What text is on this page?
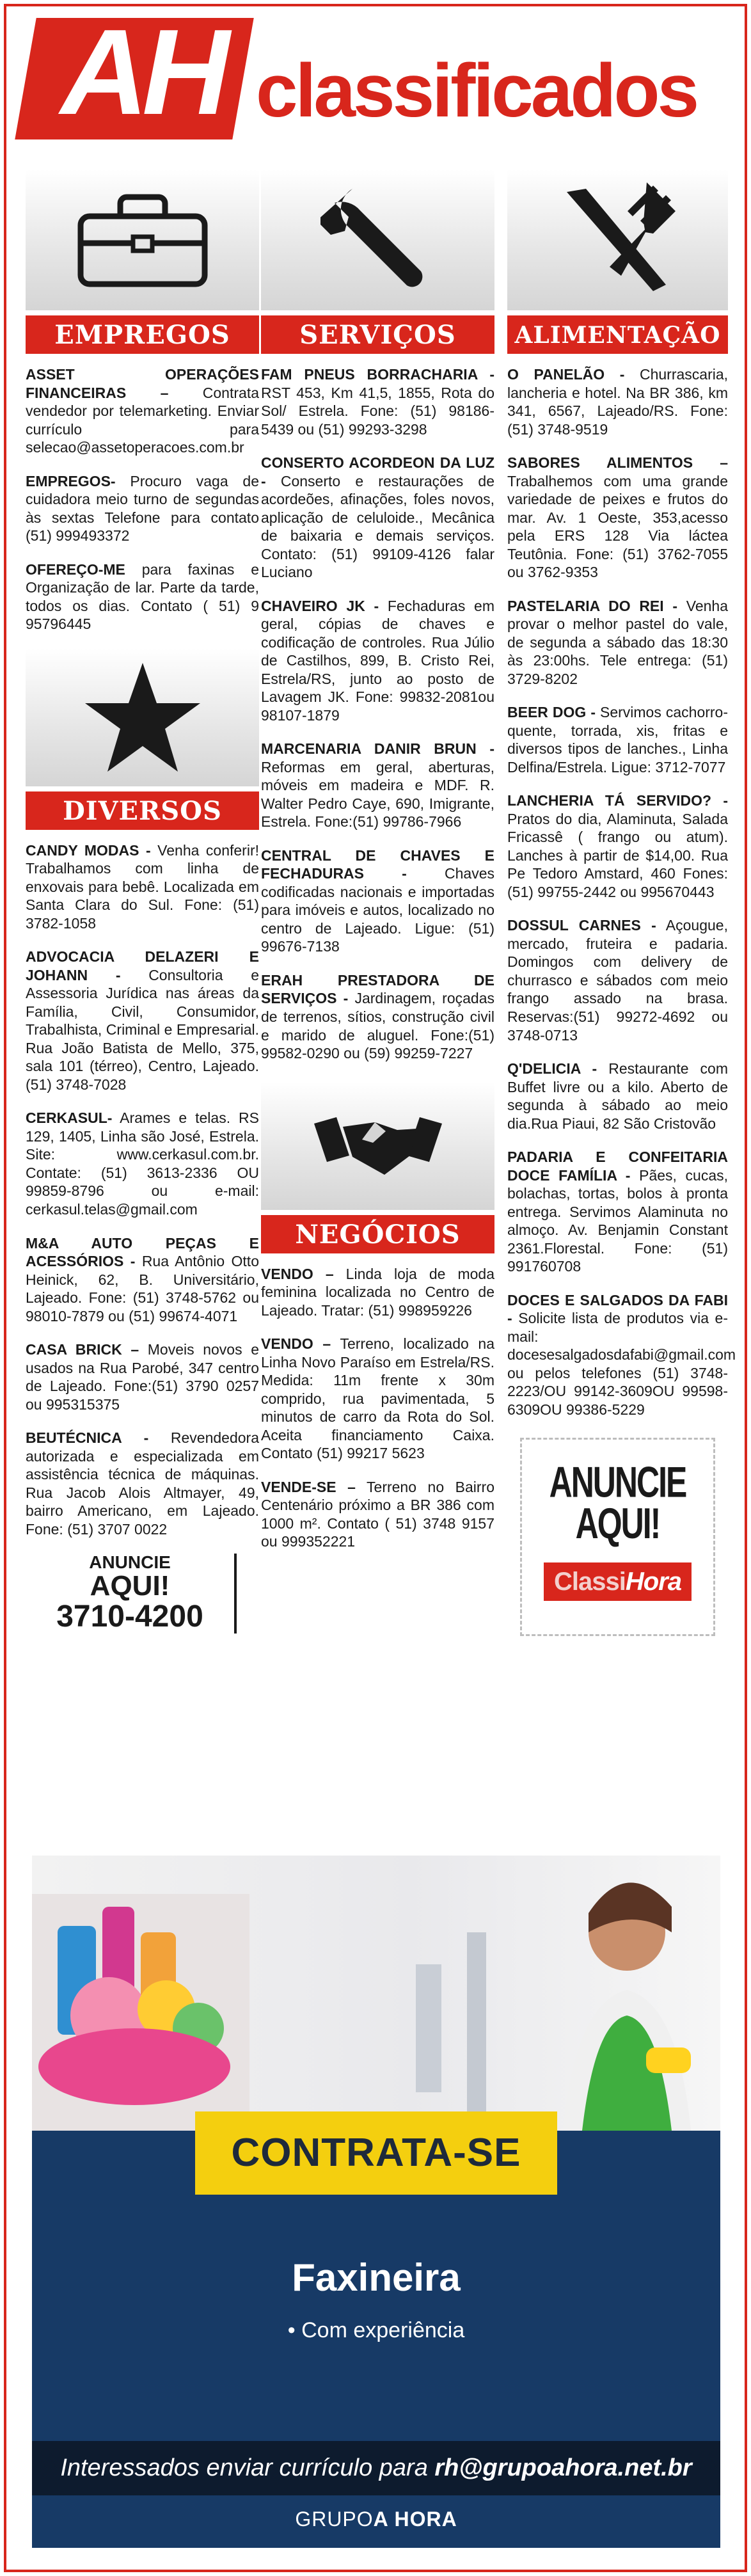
AH classificados
EMPREGOS

ASSET OPERAÇÕES FINANCEIRAS – Contrata vendedor por telemarketing. Enviar currículo para selecao@assetoperacoes.com.br

EMPREGOS- Procuro vaga de cuidadora meio turno de segundas às sextas Telefone para contato (51) 999493372

OFEREÇO-ME para faxinas e Organização de lar. Parte da tarde, todos os dias. Contato ( 51) 9 95796445

DIVERSOS

CANDY MODAS - Venha conferir! Trabalhamos com linha de enxovais para bebê. Localizada em Santa Clara do Sul. Fone: (51) 3782-1058

ADVOCACIA DELAZERI E JOHANN - Consultoria e Assessoria Jurídica nas áreas da Família, Civil, Consumidor, Trabalhista, Criminal e Empresarial. Rua João Batista de Mello, 375, sala 101 (térreo), Centro, Lajeado. (51) 3748-7028

CERKASUL- Arames e telas. RS 129, 1405, Linha são José, Estrela. Site: www.cerkasul.com.br. Contate: (51) 3613-2336 OU 99859-8796 ou e-mail: cerkasul.telas@gmail.com

M&A AUTO PEÇAS E ACESSÓRIOS - Rua Antônio Otto Heinick, 62, B. Universitário, Lajeado. Fone: (51) 3748-5762 ou 98010-7879 ou (51) 99674-4071

CASA BRICK – Moveis novos e usados na Rua Parobé, 347 centro de Lajeado. Fone:(51) 3790 0257 ou 995315375

BEUTÉCNICA - Revendedora autorizada e especializada em assistência técnica de máquinas. Rua Jacob Alois Altmayer, 49, bairro Americano, em Lajeado. Fone: (51) 3707 0022

ANUNCIE
AQUI!
3710-4200
SERVIÇOS

FAM PNEUS BORRACHARIA - RST 453, Km 41,5, 1855, Rota do Sol/ Estrela. Fone: (51) 98186-5439 ou (51) 99293-3298

CONSERTO ACORDEON DA LUZ - Conserto e restaurações de acordeões, afinações, foles novos, aplicação de celuloide., Mecânica de baixaria e demais serviços. Contato: (51) 99109-4126 falar Luciano

CHAVEIRO JK - Fechaduras em geral, cópias de chaves e codificação de controles. Rua Júlio de Castilhos, 899, B. Cristo Rei, Estrela/RS, junto ao posto de Lavagem JK. Fone: 99832-2081ou 98107-1879

MARCENARIA DANIR BRUN - Reformas em geral, aberturas, móveis em madeira e MDF. R. Walter Pedro Caye, 690, Imigrante, Estrela. Fone:(51) 99786-7966

CENTRAL DE CHAVES E FECHADURAS -	Chaves codificadas nacionais e importadas para imóveis e autos, localizado no centro de Lajeado. Ligue: (51) 99676-7138

ERAH PRESTADORA DE SERVIÇOS - Jardinagem, roçadas de terrenos, sítios, construção civil e marido de aluguel. Fone:(51) 99582-0290 ou (59) 99259-7227

NEGÓCIOS

VENDO – Linda loja de moda feminina localizada no Centro de Lajeado. Tratar: (51) 998959226

VENDO – Terreno, localizado na Linha Novo Paraíso em Estrela/RS. Medida: 11m frente x 30m comprido, rua pavimentada, 5 minutos de carro da Rota do Sol. Aceita financiamento Caixa. Contato (51) 99217 5623

VENDE-SE – Terreno no Bairro Centenário próximo a BR 386 com 1000 m². Contato ( 51) 3748 9157 ou 999352221

ALIMENTAÇÃO

O PANELÃO - Churrascaria, lancheria e hotel. Na BR 386, km 341, 6567, Lajeado/RS. Fone: (51) 3748-9519

SABORES ALIMENTOS – Trabalhemos com uma grande variedade de peixes e frutos do mar. Av. 1 Oeste, 353,acesso pela ERS 128 Via láctea Teutônia. Fone: (51) 3762-7055 ou 3762-9353

PASTELARIA DO REI - Venha provar o melhor pastel do vale, de segunda a sábado das 18:30 às 23:00hs. Tele entrega: (51) 3729-8202

BEER DOG - Servimos cachorro-quente, torrada, xis, fritas e diversos tipos de lanches., Linha Delfina/Estrela. Ligue: 3712-7077

LANCHERIA TÁ SERVIDO? - Pratos do dia, Alaminuta, Salada Fricassê ( frango ou atum). Lanches à partir de $14,00. Rua Pe Tedoro Amstard, 460 Fones: (51) 99755-2442 ou 995670443

DOSSUL CARNES - Açougue, mercado, fruteira e padaria. Domingos com delivery de churrasco e sábados com meio frango assado na brasa. Reservas:(51) 99272-4692 ou 3748-0713

Q'DELICIA - Restaurante com Buffet livre ou a kilo. Aberto de segunda à sábado ao meio dia.Rua Piaui, 82 São Cristovão

PADARIA E CONFEITARIA DOCE FAMÍLIA - Pães, cucas, bolachas, tortas, bolos à pronta entrega. Servimos Alaminuta no almoço. Av. Benjamin Constant 2361.Florestal. Fone: (51) 991760708

DOCES E SALGADOS DA FABI - Solicite lista de produtos via e-mail: docesesalgadosdafabi@gmail.com ou pelos telefones (51) 3748-2223/OU 99142-3609OU 99598-6309OU 99386-5229

ANUNCIE AQUI!
ClassiHora
CONTRATA-SE
Faxineira
• Com experiência
Interessados enviar currículo para rh@grupoahora.net.br
GRUPOA HORA
